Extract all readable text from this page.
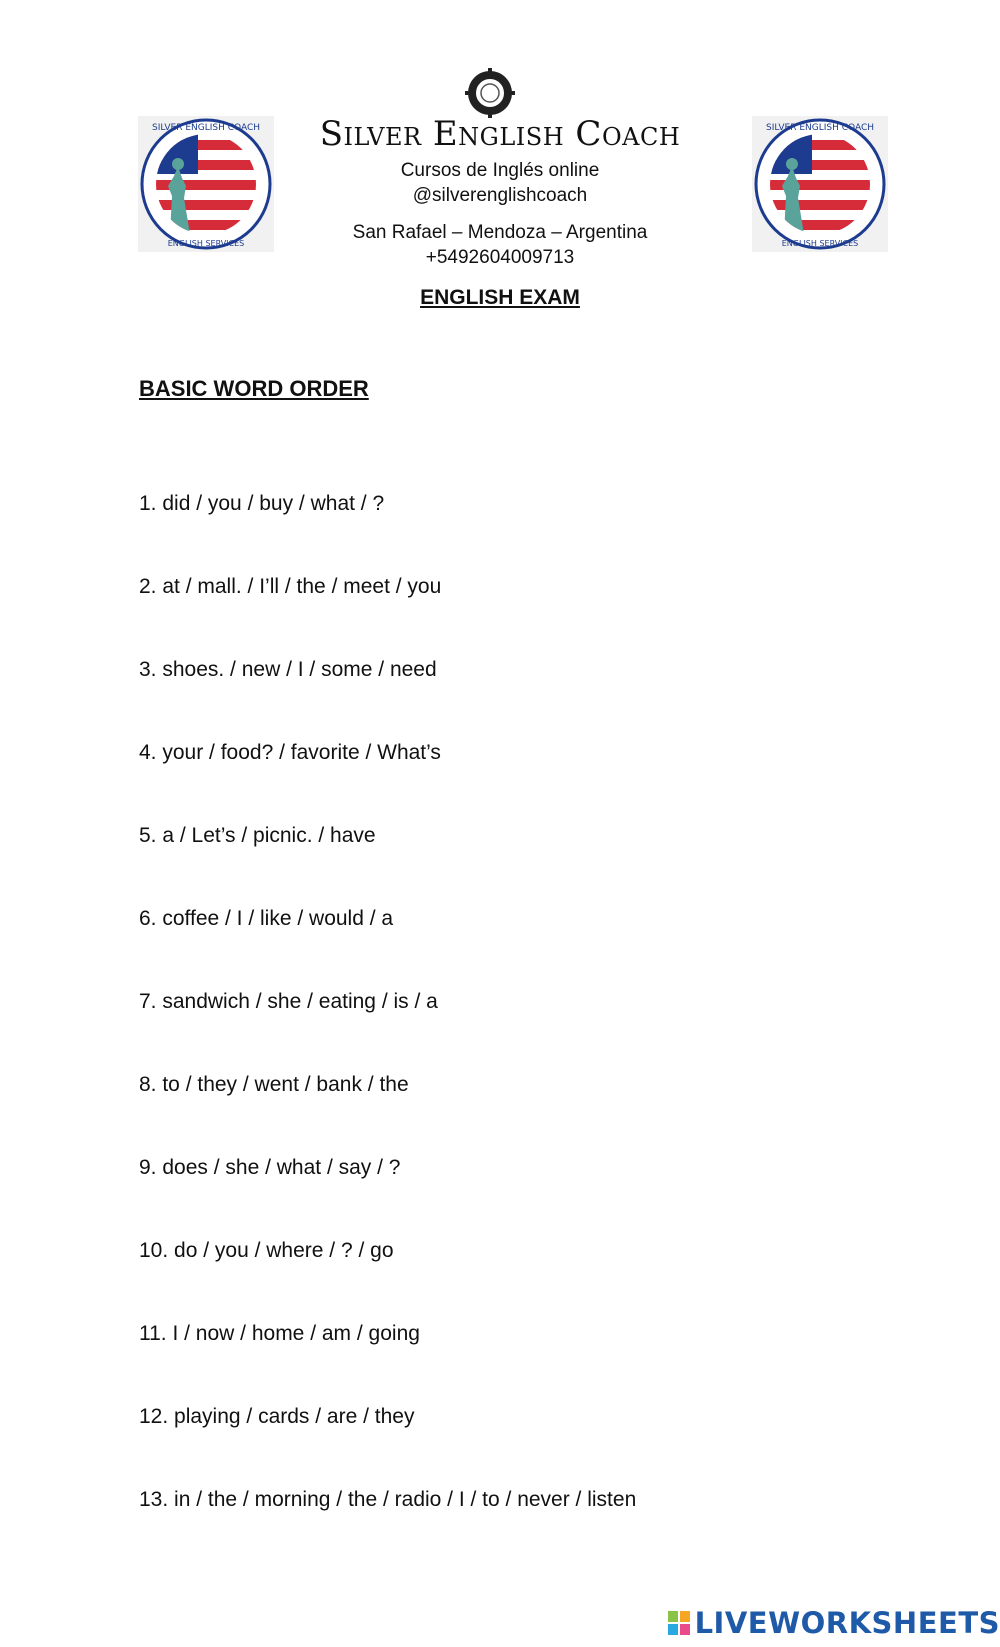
SILVER ENGLISH COACH
ENGLISH SERVICES
SILVER ENGLISH COACH
ENGLISH SERVICES
Silver English Coach

Cursos de Inglés online

@silverenglishcoach

San Rafael – Mendoza – Argentina

+5492604009713

ENGLISH EXAM

BASIC WORD ORDER
1. did / you / buy / what / ?
2. at / mall. / I’ll / the / meet / you
3. shoes. / new / I / some / need
4. your / food? / favorite / What’s
5. a / Let’s / picnic. / have
6. coffee / I / like / would / a
7. sandwich / she / eating / is / a
8. to / they / went / bank / the
9. does / she / what / say / ?
10. do / you / where / ? / go
11. I / now / home / am / going
12. playing / cards / are / they
13. in / the / morning / the / radio / I / to / never / listen
LIVEWORKSHEETS
